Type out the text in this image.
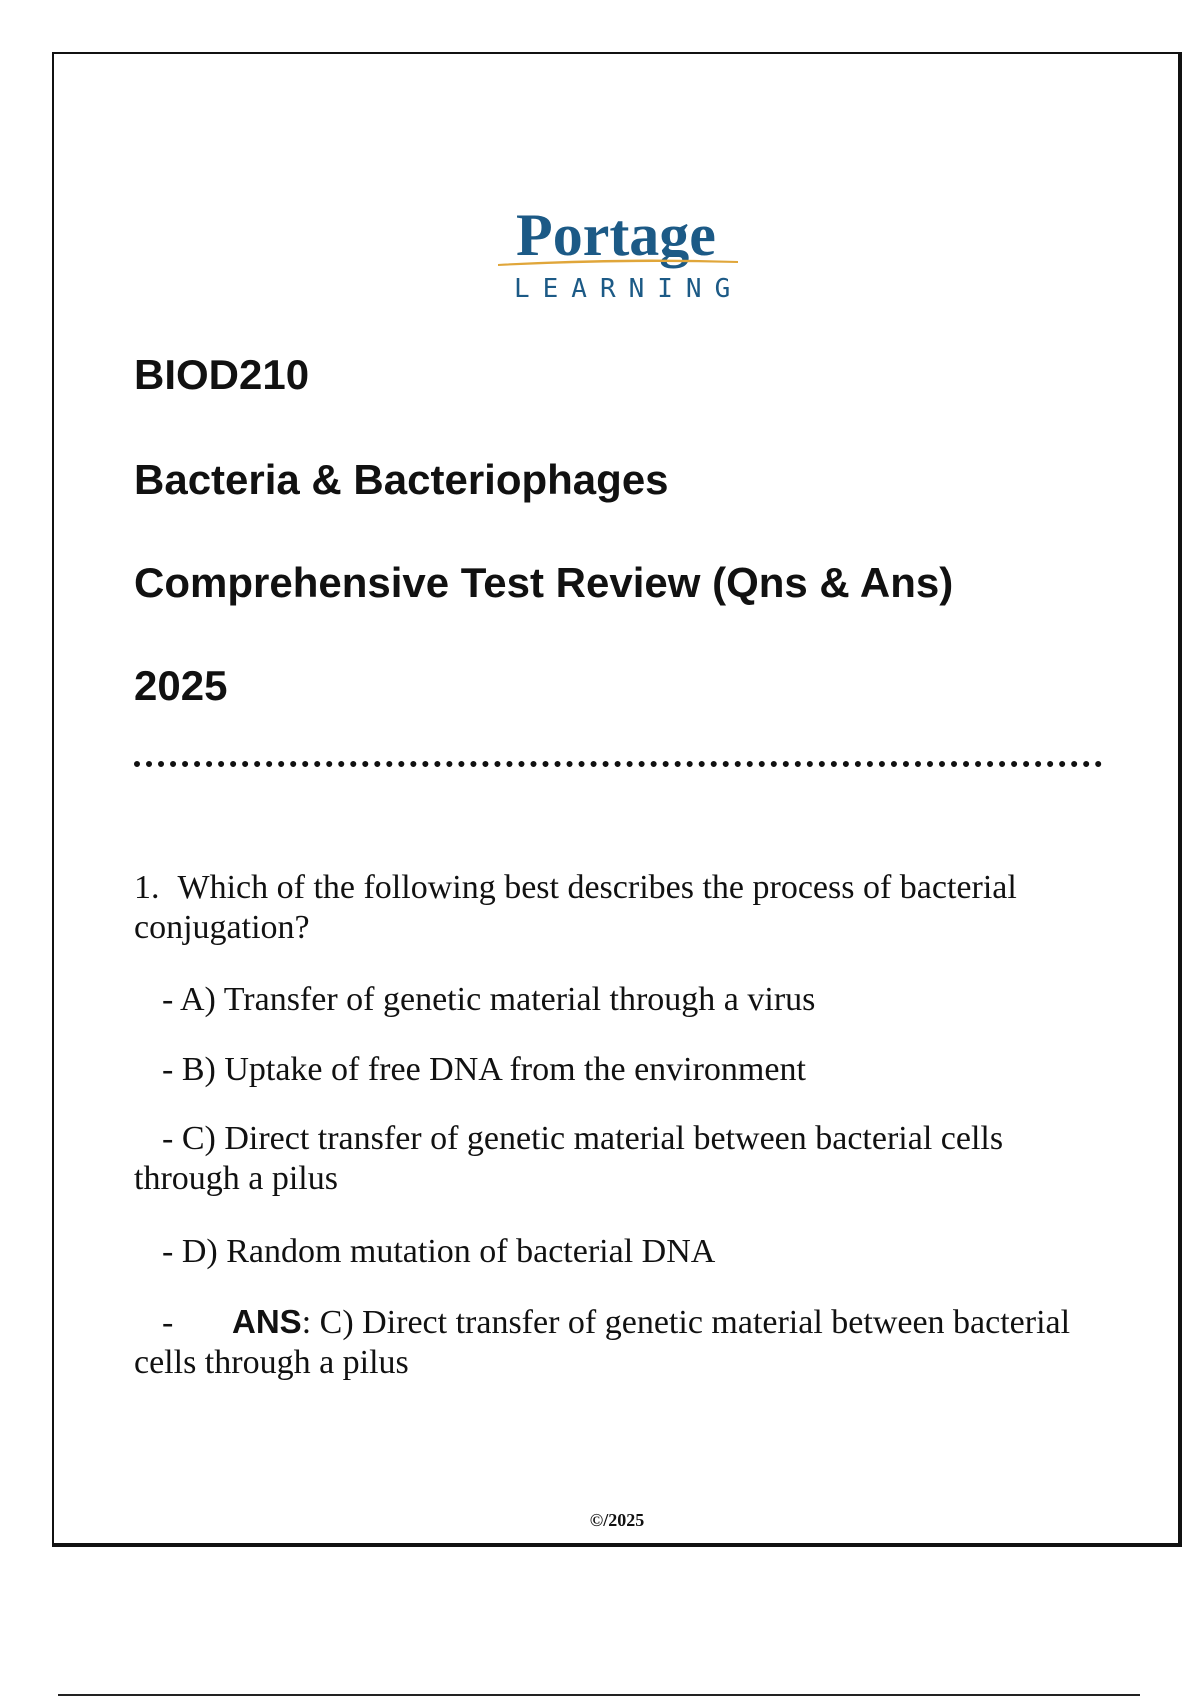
Portage
LEARNING
BIOD210
Bacteria & Bacteriophages
Comprehensive Test Review (Qns & Ans)
2025
1. Which of the following best describes the process of bacterial conjugation?
- A) Transfer of genetic material through a virus
- B) Uptake of free DNA from the environment
- C) Direct transfer of genetic material between bacterial cells through a pilus
- D) Random mutation of bacterial DNA
- ANS: C) Direct transfer of genetic material between bacterial cells through a pilus
©/2025
